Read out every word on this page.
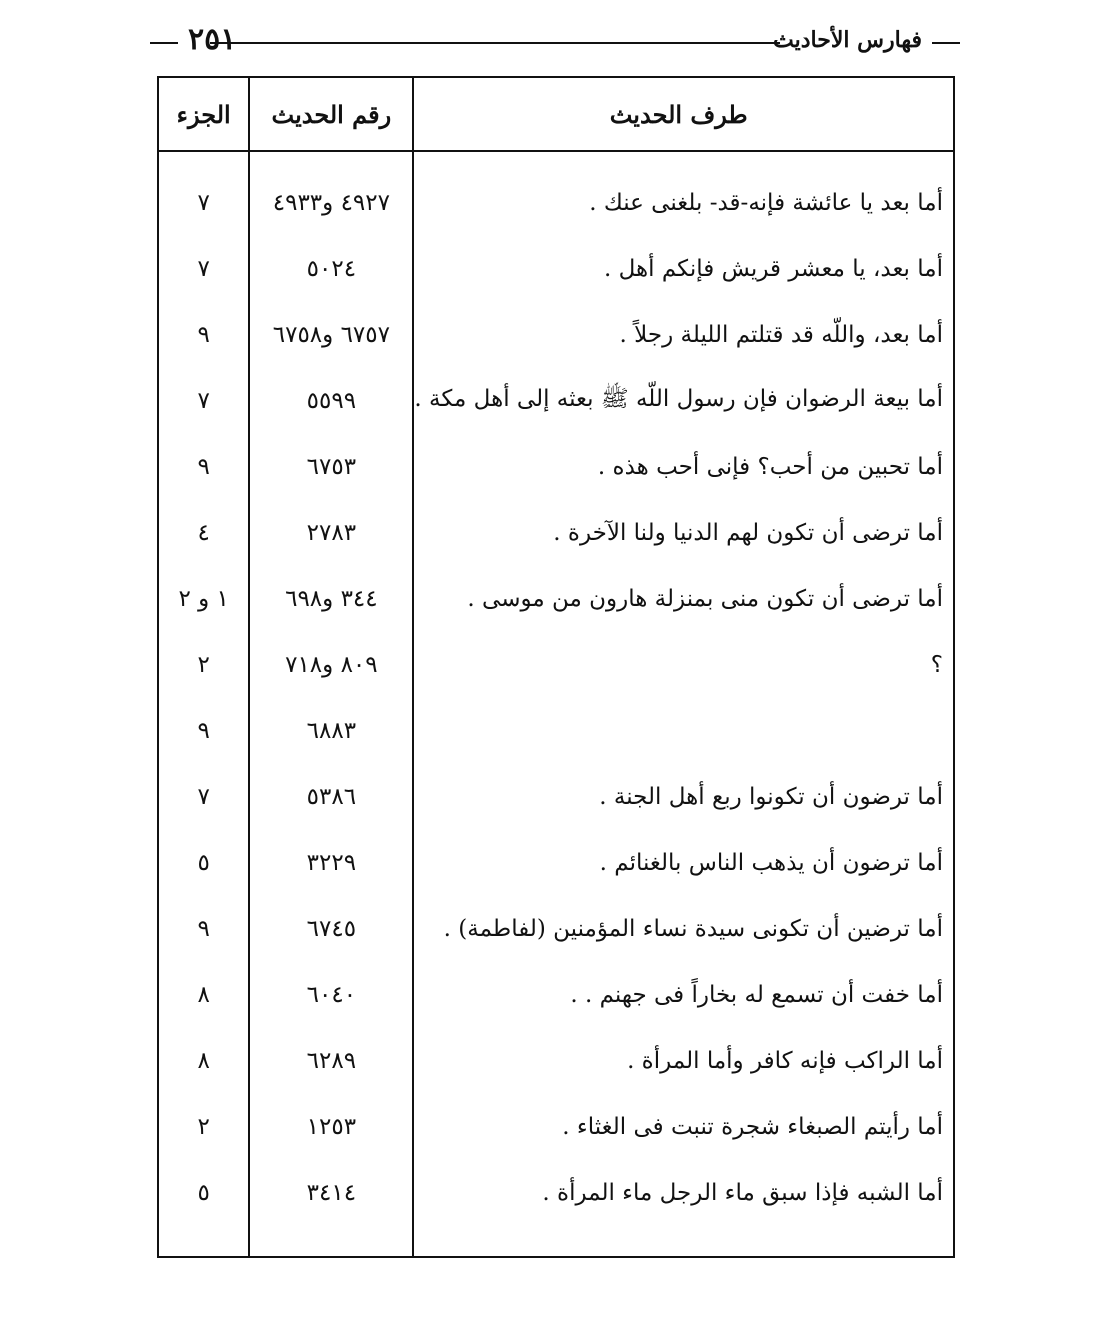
فهارس الأحاديث
٢٥١
طرف الحديث	رقم الحديث	الجزء

أما بعد يا عائشة فإنه-قد- بلغنى عنك .	٤٩٢٧ و٤٩٣٣	٧
أما بعد، يا معشر قريش فإنكم أهل .	٥٠٢٤	٧
أما بعد، واللّه قد قتلتم الليلة رجلاً .	٦٧٥٧ و٦٧٥٨	٩
أما بيعة الرضوان فإن رسول اللّه ﷺ بعثه إلى أهل مكة .	٥٥٩٩	٧
أما تحبين من أحب؟ فإنى أحب هذه .	٦٧٥٣	٩
أما ترضى أن تكون لهم الدنيا ولنا الآخرة .	٢٧٨٣	٤
أما ترضى أن تكون منى بمنزلة هارون من موسى .	٣٤٤ و٦٩٨	١ و ٢
؟	٨٠٩ و٧١٨	٢
	٦٨٨٣	٩
أما ترضون أن تكونوا ربع أهل الجنة .	٥٣٨٦	٧
أما ترضون أن يذهب الناس بالغنائم .	٣٢٢٩	٥
أما ترضين أن تكونى سيدة نساء المؤمنين (لفاطمة) .	٦٧٤٥	٩
أما خفت أن تسمع له بخاراً فى جهنم . .	٦٠٤٠	٨
أما الراكب فإنه كافر وأما المرأة .	٦٢٨٩	٨
أما رأيتم الصبغاء شجرة تنبت فى الغثاء .	١٢٥٣	٢
أما الشبه فإذا سبق ماء الرجل ماء المرأة .	٣٤١٤	٥
